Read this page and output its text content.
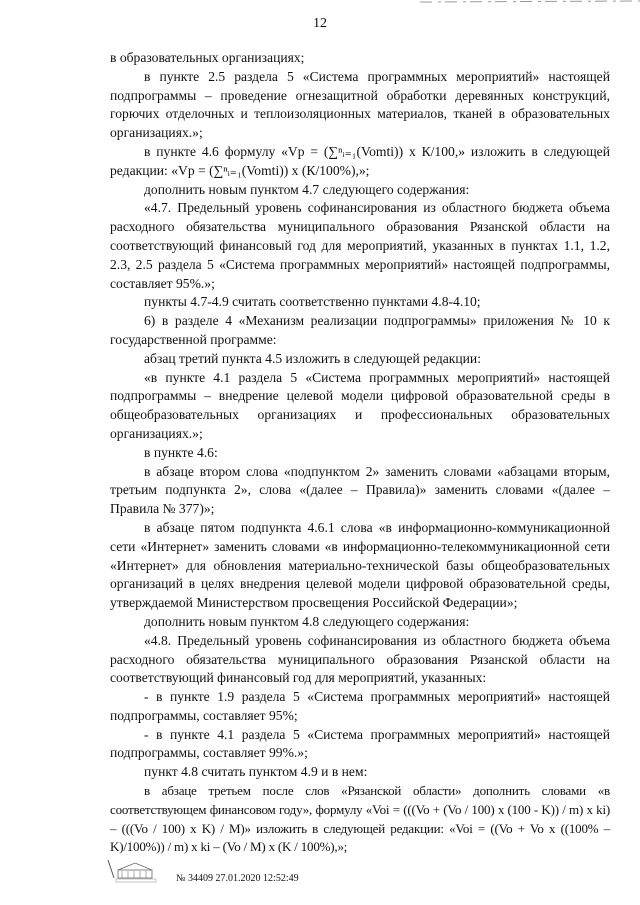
12

в образовательных организациях;

в пункте 2.5 раздела 5 «Система программных мероприятий» настоящей подпрограммы – проведение огнезащитной обработки деревянных конструкций, горючих отделочных и теплоизоляционных материалов, тканей в образовательных организациях.»;

в пункте 4.6 формулу «Vp = (∑ⁿᵢ₌₁(Vomti)) x К/100,» изложить в следующей редакции: «Vp = (∑ⁿᵢ₌₁(Vomti)) x (К/100%),»;

дополнить новым пунктом 4.7 следующего содержания:

«4.7. Предельный уровень софинансирования из областного бюджета объема расходного обязательства муниципального образования Рязанской области на соответствующий финансовый год для мероприятий, указанных в пунктах 1.1, 1.2, 2.3, 2.5 раздела 5 «Система программных мероприятий» настоящей подпрограммы, составляет 95%.»;

пункты 4.7-4.9 считать соответственно пунктами 4.8-4.10;

6) в разделе 4 «Механизм реализации подпрограммы» приложения № 10 к государственной программе:

абзац третий пункта 4.5 изложить в следующей редакции:

«в пункте 4.1 раздела 5 «Система программных мероприятий» настоящей подпрограммы – внедрение целевой модели цифровой образовательной среды в общеобразовательных организациях и профессиональных образовательных организациях.»;

в пункте 4.6:

в абзаце втором слова «подпунктом 2» заменить словами «абзацами вторым, третьим подпункта 2», слова «(далее – Правила)» заменить словами «(далее – Правила № 377)»;

в абзаце пятом подпункта 4.6.1 слова «в информационно-коммуникационной сети «Интернет» заменить словами «в информационно-телекоммуникационной сети «Интернет» для обновления материально-технической базы общеобразовательных организаций в целях внедрения целевой модели цифровой образовательной среды, утверждаемой Министерством просвещения Российской Федерации»;

дополнить новым пунктом 4.8 следующего содержания:

«4.8. Предельный уровень софинансирования из областного бюджета объема расходного обязательства муниципального образования Рязанской области на соответствующий финансовый год для мероприятий, указанных:

- в пункте 1.9 раздела 5 «Система программных мероприятий» настоящей подпрограммы, составляет 95%;

- в пункте 4.1 раздела 5 «Система программных мероприятий» настоящей подпрограммы, составляет 99%.»;

пункт 4.8 считать пунктом 4.9 и в нем:

в абзаце третьем после слов «Рязанской области» дополнить словами «в соответствующем финансовом году», формулу «Voi = (((Vo + (Vo / 100) x (100 - K)) / m) x ki) – (((Vo / 100) x K) / M)» изложить в следующей редакции: «Voi = ((Vo + Vo x ((100% – K)/100%)) / m) x ki – (Vo / M) x (K / 100%),»;

№ 34409 27.01.2020 12:52:49
